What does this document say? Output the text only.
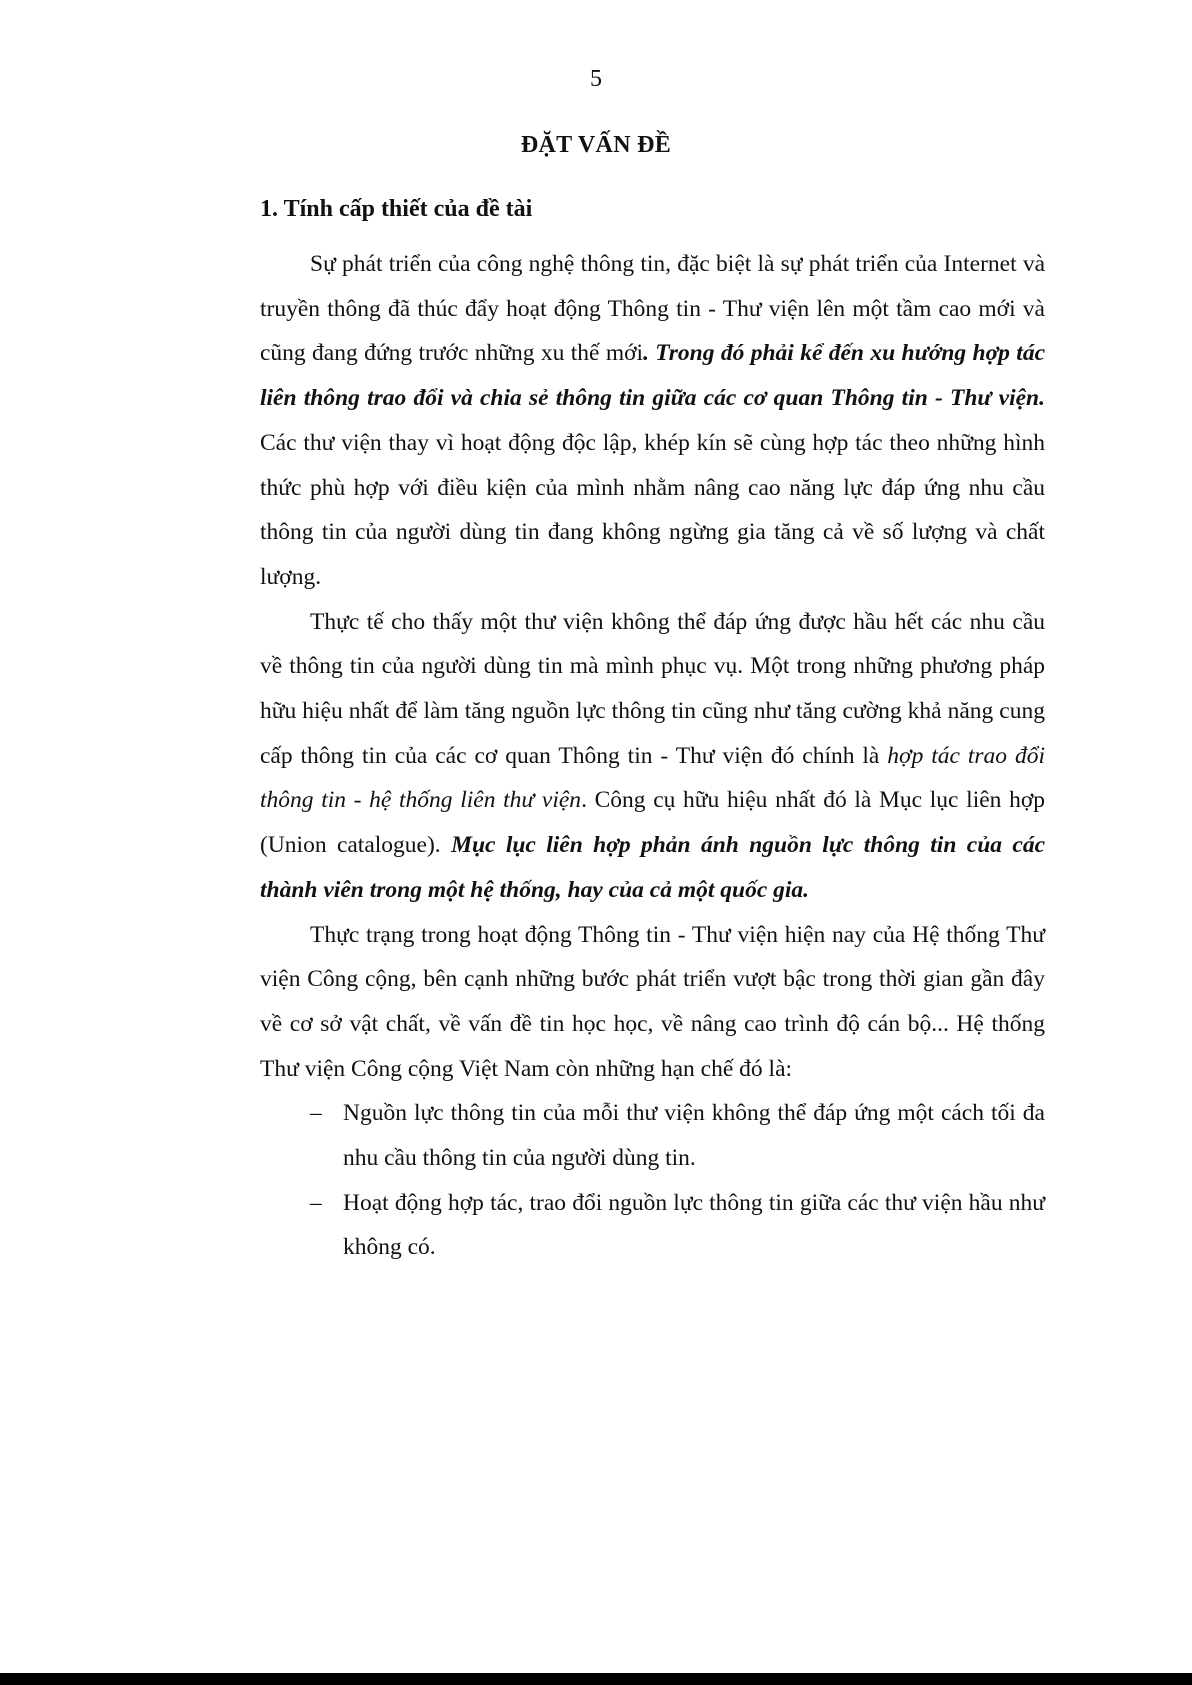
5
ĐẶT VẤN ĐỀ
1. Tính cấp thiết của đề tài

Sự phát triển của công nghệ thông tin, đặc biệt là sự phát triển của Internet và truyền thông đã thúc đẩy hoạt động Thông tin - Thư viện lên một tầm cao mới và cũng đang đứng trước những xu thế mới. Trong đó phải kể đến xu hướng hợp tác liên thông trao đổi và chia sẻ thông tin giữa các cơ quan Thông tin - Thư viện. Các thư viện thay vì hoạt động độc lập, khép kín sẽ cùng hợp tác theo những hình thức phù hợp với điều kiện của mình nhằm nâng cao năng lực đáp ứng nhu cầu thông tin của người dùng tin đang không ngừng gia tăng cả về số lượng và chất lượng.

Thực tế cho thấy một thư viện không thể đáp ứng được hầu hết các nhu cầu về thông tin của người dùng tin mà mình phục vụ. Một trong những phương pháp hữu hiệu nhất để làm tăng nguồn lực thông tin cũng như tăng cường khả năng cung cấp thông tin của các cơ quan Thông tin - Thư viện đó chính là hợp tác trao đổi thông tin - hệ thống liên thư viện. Công cụ hữu hiệu nhất đó là Mục lục liên hợp (Union catalogue). Mục lục liên hợp phản ánh nguồn lực thông tin của các thành viên trong một hệ thống, hay của cả một quốc gia.

Thực trạng trong hoạt động Thông tin - Thư viện hiện nay của Hệ thống Thư viện Công cộng, bên cạnh những bước phát triển vượt bậc trong thời gian gần đây về cơ sở vật chất, về vấn đề tin học học, về nâng cao trình độ cán bộ... Hệ thống Thư viện Công cộng Việt Nam còn những hạn chế đó là:

– Nguồn lực thông tin của mỗi thư viện không thể đáp ứng một cách tối đa nhu cầu thông tin của người dùng tin.
– Hoạt động hợp tác, trao đổi nguồn lực thông tin giữa các thư viện hầu như không có.
